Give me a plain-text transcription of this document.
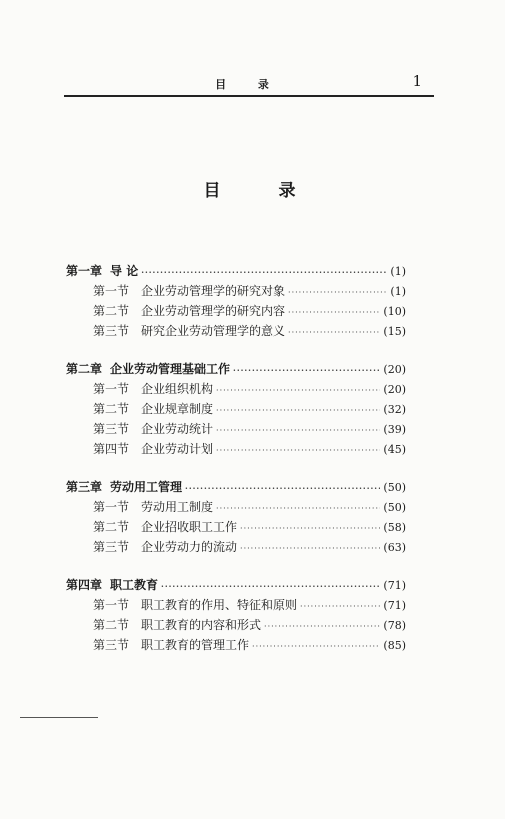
目 录	1
目 录
第一章 导 论 ·····	(1)
第一节 企业劳动管理学的研究对象 ·····	(1)
第二节 企业劳动管理学的研究内容 ·····	(10)
第三节 研究企业劳动管理学的意义 ·····	(15)
第二章 企业劳动管理基础工作 ·····	(20)
第一节 企业组织机构 ·····	(20)
第二节 企业规章制度 ·····	(32)
第三节 企业劳动统计 ·····	(39)
第四节 企业劳动计划 ·····	(45)
第三章 劳动用工管理 ·····	(50)
第一节 劳动用工制度 ·····	(50)
第二节 企业招收职工工作 ·····	(58)
第三节 企业劳动力的流动 ·····	(63)
第四章 职工教育 ·····	(71)
第一节 职工教育的作用、特征和原则 ·····	(71)
第二节 职工教育的内容和形式 ·····	(78)
第三节 职工教育的管理工作 ·····	(85)
